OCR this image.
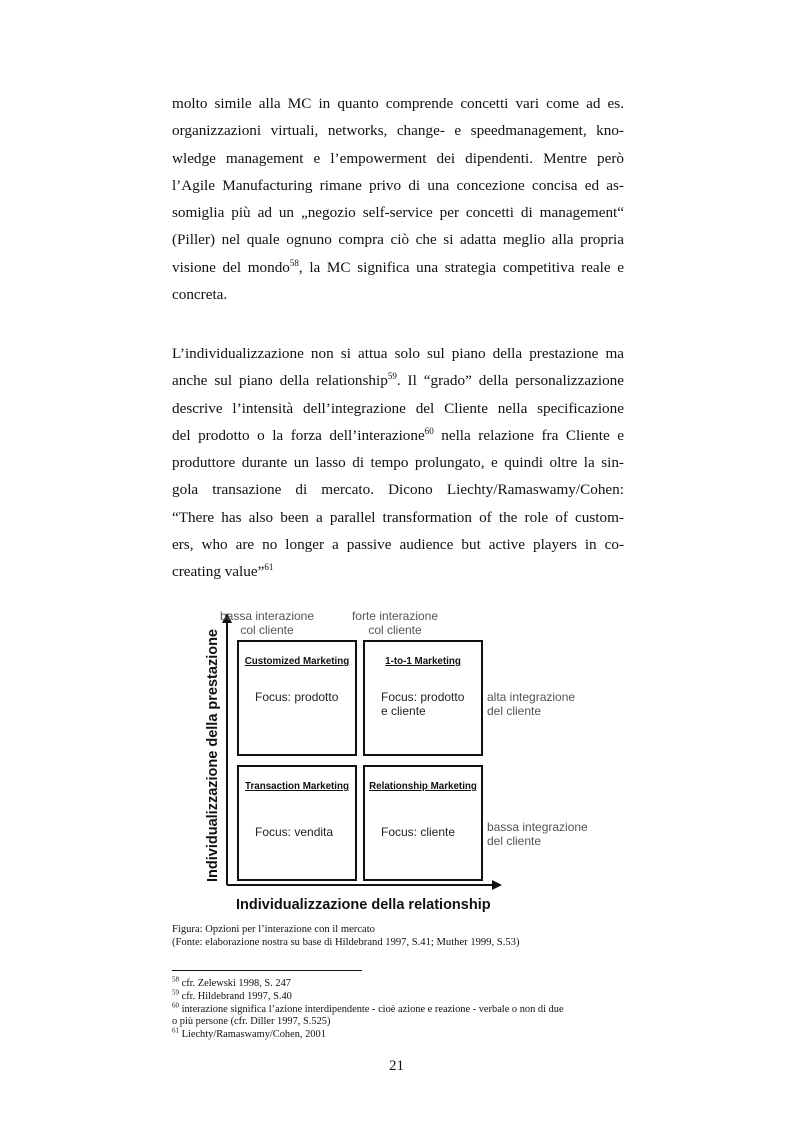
molto simile alla MC in quanto comprende concetti vari come ad es.
organizzazioni virtuali, networks, change- e speedmanagement, kno-
wledge management e l’empowerment dei dipendenti. Mentre però
l’Agile Manufacturing rimane privo di una concezione concisa ed as-
somiglia più ad un „negozio self-service per concetti di management“
(Piller) nel quale ognuno compra ciò che si adatta meglio alla propria
visione del mondo$^{58}$, la MC significa una strategia competitiva reale e
concreta.
L’individualizzazione non si attua solo sul piano della prestazione ma
anche sul piano della relationship$^{59}$. Il “grado” della personalizzazione
descrive l’intensità dell’integrazione del Cliente nella specificazione
del prodotto o la forza dell’interazione$^{60}$ nella relazione fra Cliente e
produttore durante un lasso di tempo prolungato, e quindi oltre la sin-
gola transazione di mercato. Dicono Liechty/Ramaswamy/Cohen:
“There has also been a parallel transformation of the role of custom-
ers, who are no longer a passive audience but active players in co-
creating value”$^{61}$
bassa interazione
col cliente
forte interazione
col cliente
Customized Marketing
Focus: prodotto
1-to-1 Marketing
Focus: prodotto
e cliente
Transaction Marketing
Focus: vendita
Relationship Marketing
Focus: cliente
alta integrazione
del cliente
bassa integrazione
del cliente
Individualizzazione della prestazione
Individualizzazione della relationship
Figura: Opzioni per l’interazione con il mercato
(Fonte: elaborazione nostra su base di Hildebrand 1997, S.41; Muther 1999, S.53)
$^{58}$ cfr. Zelewski 1998, S. 247
$^{59}$ cfr. Hildebrand 1997, S.40
$^{60}$ interazione significa l’azione interdipendente - cioè azione e reazione - verbale o non di due
o più persone (cfr. Diller 1997, S.525)
$^{61}$ Liechty/Ramaswamy/Cohen, 2001
21
